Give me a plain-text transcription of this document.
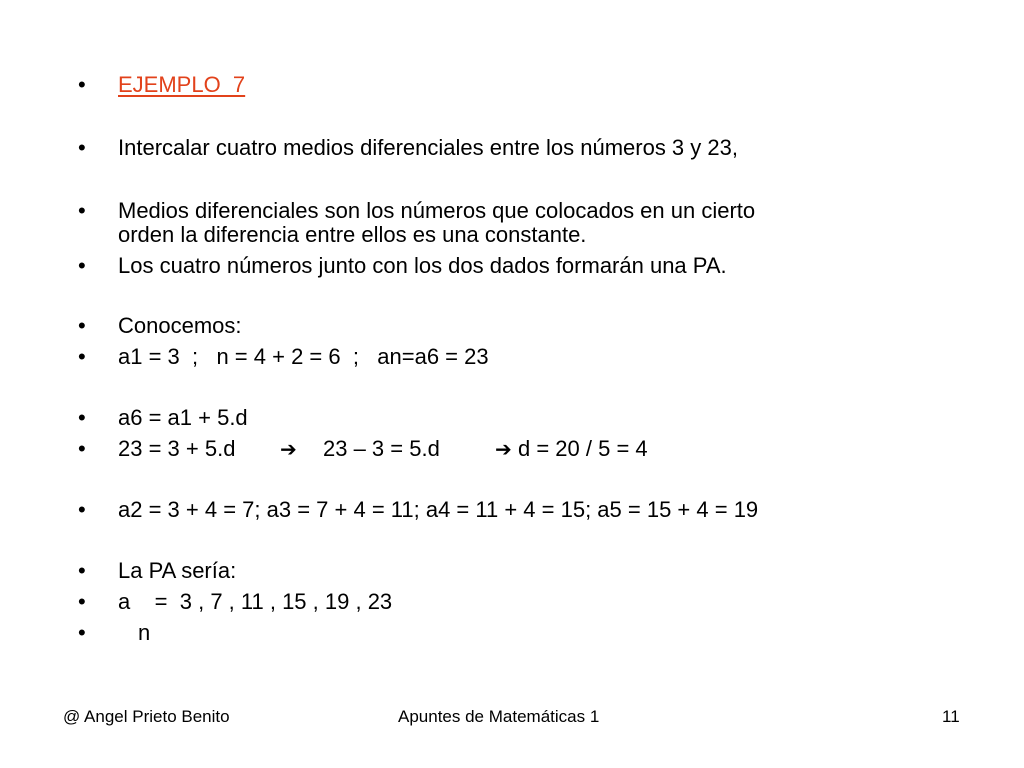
• EJEMPLO_7
• Intercalar cuatro medios diferenciales entre los números 3 y 23,
• Medios diferenciales son los números que colocados en un cierto
orden la diferencia entre ellos es una constante.
• Los cuatro números junto con los dos dados formarán una PA.
• Conocemos:
• a1 = 3  ;   n = 4 + 2 = 6  ;   an=a6 = 23
• a6 = a1 + 5.d
• 23 = 3 + 5.d ➔ 23 – 3 = 5.d	➔ d = 20 / 5 = 4
• a2 = 3 + 4 = 7; a3 = 7 + 4 = 11; a4 = 11 + 4 = 15; a5 = 15 + 4 = 19
• La PA sería:
• a    =  3 , 7 , 11 , 15 , 19 , 23
• n
@ Angel Prieto Benito	Apuntes de Matemáticas 1	11
